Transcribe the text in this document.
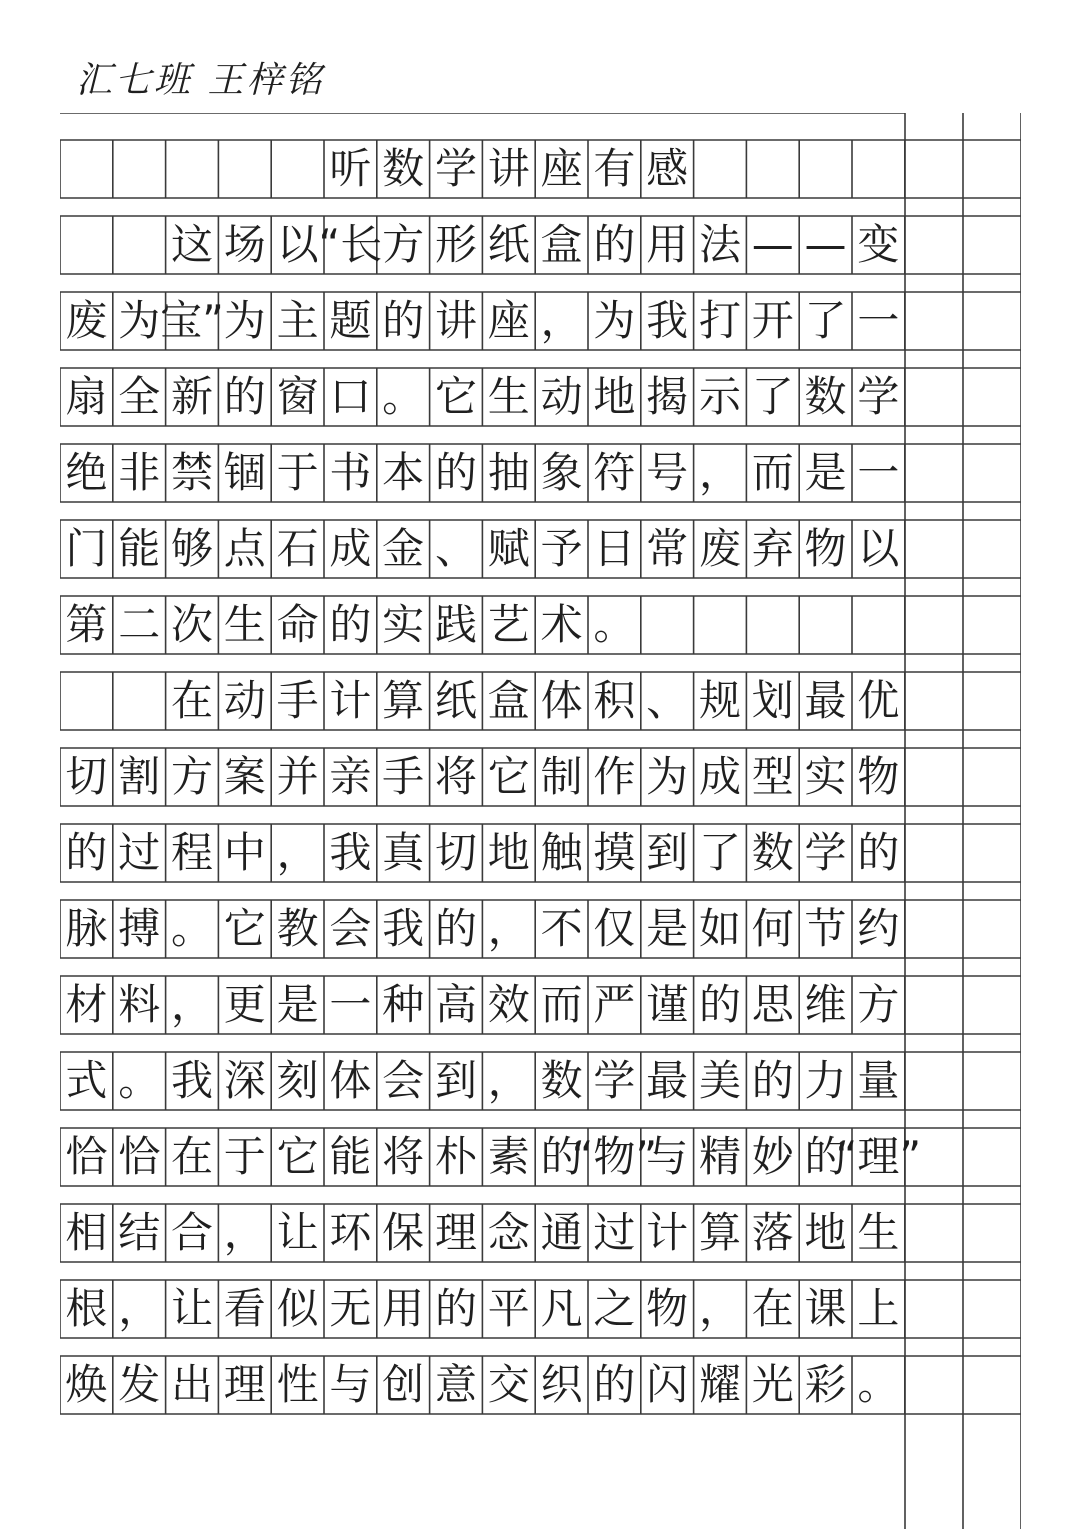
汇七班 王梓铭
听 数 学 讲 座 有 感
这 场 以 “长 方 形 纸 盒 的 用 法 — — 变
废 为 宝” 为 主 题 的 讲 座 ， 为 我 打 开 了 一
扇 全 新 的 窗 口 。 它 生 动 地 揭 示 了 数 学
绝 非 禁 锢 于 书 本 的 抽 象 符 号 ， 而 是 一
门 能 够 点 石 成 金 、 赋 予 日 常 废 弃 物 以
第 二 次 生 命 的 实 践 艺 术 。
在 动 手 计 算 纸 盒 体 积 、 规 划 最 优
切 割 方 案 并 亲 手 将 它 制 作 为 成 型 实 物
的 过 程 中 ， 我 真 切 地 触 摸 到 了 数 学 的
脉 搏 。 它 教 会 我 的 ， 不 仅 是 如 何 节 约
材 料 ， 更 是 一 种 高 效 而 严 谨 的 思 维 方
式 。 我 深 刻 体 会 到 ， 数 学 最 美 的 力 量
恰 恰 在 于 它 能 将 朴 素 的
“物”
与 精 妙 的
“理”
相 结 合 ， 让 环 保 理 念 通 过 计 算 落 地 生
根 ， 让 看 似 无 用 的 平 凡 之 物 ， 在 课 上
焕 发 出 理 性 与 创 意 交 织 的 闪 耀 光 彩 。
